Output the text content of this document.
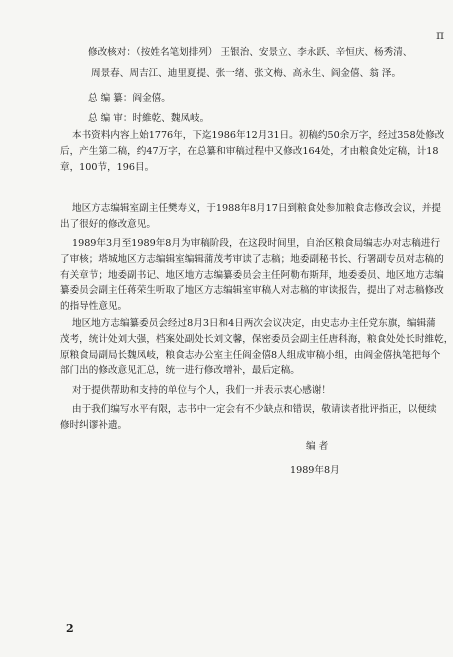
π
修改核对：（按姓名笔划排列） 王银治、安景立、李永跃、辛恒庆、杨秀清、
周景春、周吉江、迪里夏提、张一绪、张文梅、高永生、阎金僖、翁 泽。
总 编 纂：阎金僖。
总 编 审：时維乾、魏凤岐。
本书资料内容上始1776年，下迄1986年12月31日。初稿约50余万字，经过358处修改
后，产生第二稿，约47万字，在总纂和审稿过程中又修改164处，才由粮食处定稿，计18
章，100节，196目。
地区方志编辑室副主任樊寿义，于1988年8月17日到粮食处参加粮食志修改会议，并提
出了很好的修改意见。
1989年3月至1989年8月为审稿阶段，在这段时间里，自治区粮食局编志办对志稿进行
了审核；塔城地区方志编辑室编辑蒲茂考审读了志稿；地委副秘书长、行署副专员对志稿的
有关章节；地委副书记、地区地方志编纂委员会主任阿勒布斯拜，地委委员、地区地方志编
纂委员会副主任蒋荣生听取了地区方志编辑室审稿人对志稿的审读报告，提出了对志稿修改
的指导性意见。
地区地方志编纂委员会经过8月3日和4日两次会议决定，由史志办主任党东旗，编辑蒲
茂考，统计处刘大强，档案处副处长刘文馨，保密委员会副主任唐科海，粮食处处长时維乾，
原粮食局副局长魏凤岐，粮食志办公室主任阎金僖8人组成审稿小组，由阎金僖执笔把每个
部门出的修改意见汇总，统一进行修改增补，最后定稿。
对于提供帮助和支持的单位与个人，我们一并表示衷心感谢！
由于我们编写水平有限，志书中一定会有不少缺点和错误，敬请读者批评指正，以便续
修时纠谬补遗。
编 者
1989年8月
2
